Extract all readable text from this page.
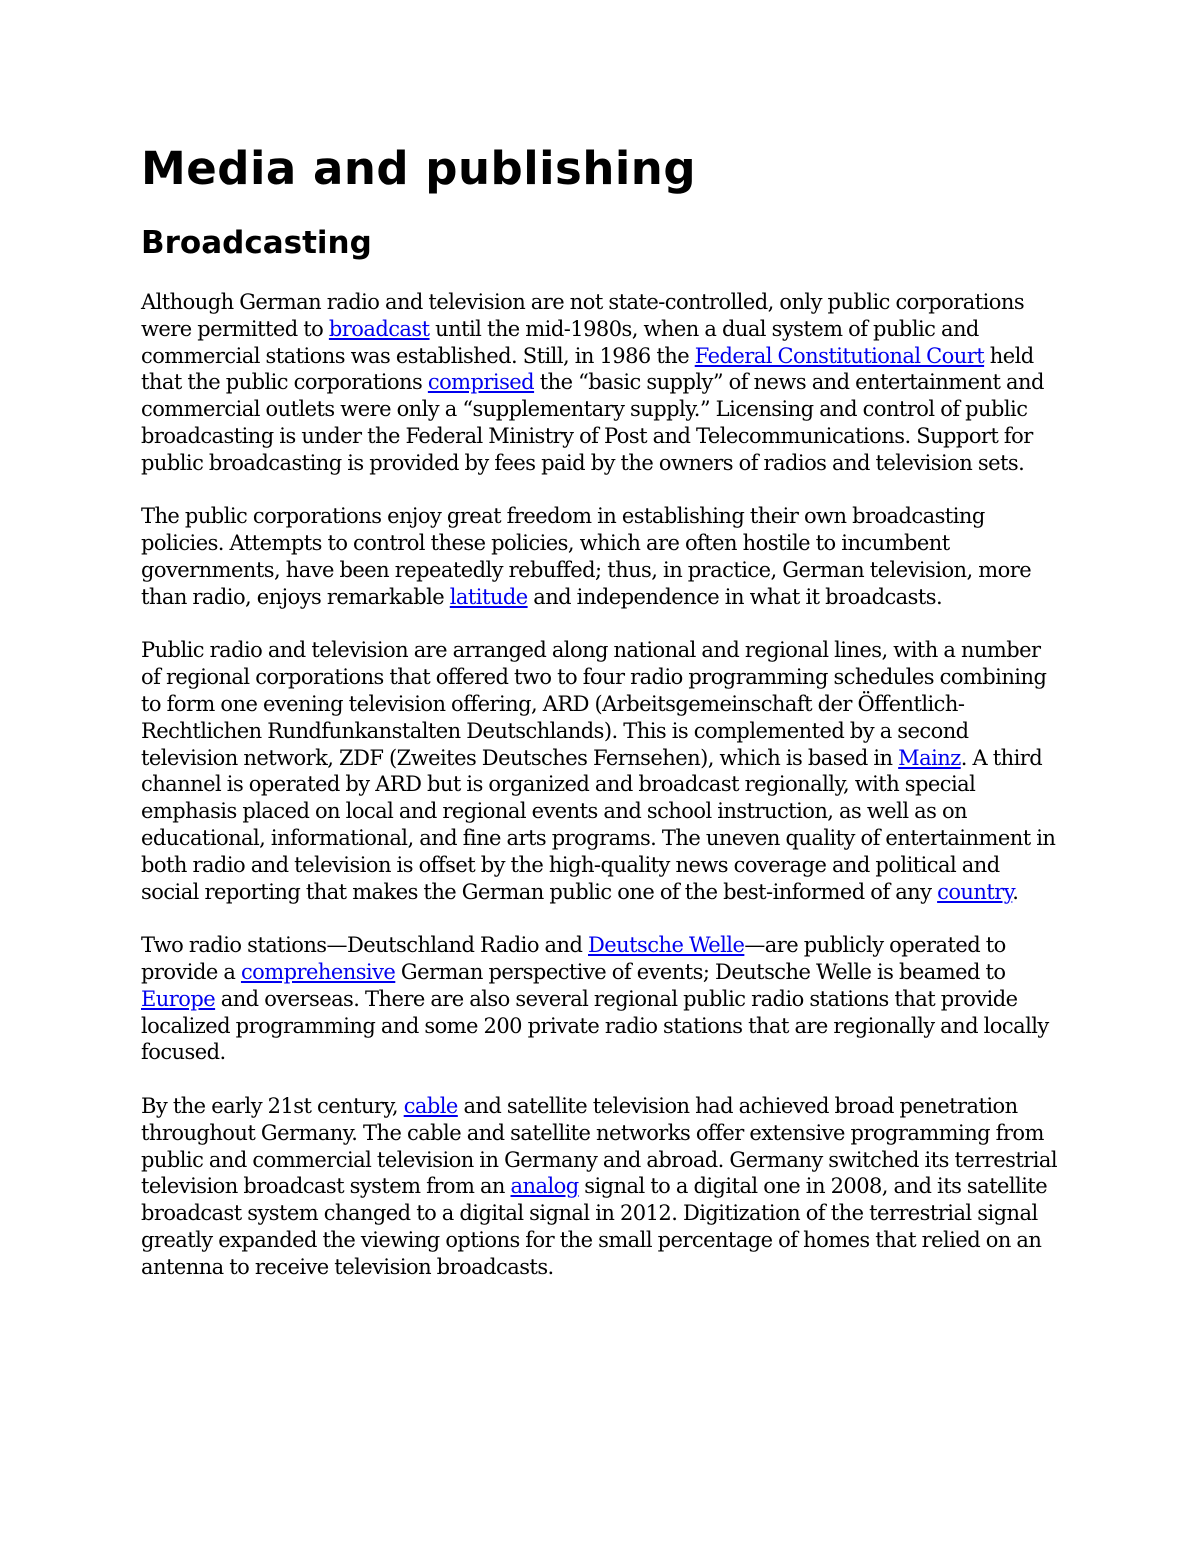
Media and publishing
Broadcasting

Although German radio and television are not state-controlled, only public corporations were permitted to broadcast until the mid-1980s, when a dual system of public and commercial stations was established. Still, in 1986 the Federal Constitutional Court held that the public corporations comprised the “basic supply” of news and entertainment and commercial outlets were only a “supplementary supply.” Licensing and control of public broadcasting is under the Federal Ministry of Post and Telecommunications. Support for public broadcasting is provided by fees paid by the owners of radios and television sets.

The public corporations enjoy great freedom in establishing their own broadcasting policies. Attempts to control these policies, which are often hostile to incumbent governments, have been repeatedly rebuffed; thus, in practice, German television, more than radio, enjoys remarkable latitude and independence in what it broadcasts.

Public radio and television are arranged along national and regional lines, with a number of regional corporations that offered two to four radio programming schedules combining to form one evening television offering, ARD (Arbeitsgemeinschaft der Öffentlich-Rechtlichen Rundfunkanstalten Deutschlands). This is complemented by a second television network, ZDF (Zweites Deutsches Fernsehen), which is based in Mainz. A third channel is operated by ARD but is organized and broadcast regionally, with special emphasis placed on local and regional events and school instruction, as well as on educational, informational, and fine arts programs. The uneven quality of entertainment in both radio and television is offset by the high-quality news coverage and political and social reporting that makes the German public one of the best-informed of any country.

Two radio stations—Deutschland Radio and Deutsche Welle—are publicly operated to provide a comprehensive German perspective of events; Deutsche Welle is beamed to Europe and overseas. There are also several regional public radio stations that provide localized programming and some 200 private radio stations that are regionally and locally focused.

By the early 21st century, cable and satellite television had achieved broad penetration throughout Germany. The cable and satellite networks offer extensive programming from public and commercial television in Germany and abroad. Germany switched its terrestrial television broadcast system from an analog signal to a digital one in 2008, and its satellite broadcast system changed to a digital signal in 2012. Digitization of the terrestrial signal greatly expanded the viewing options for the small percentage of homes that relied on an antenna to receive television broadcasts.
